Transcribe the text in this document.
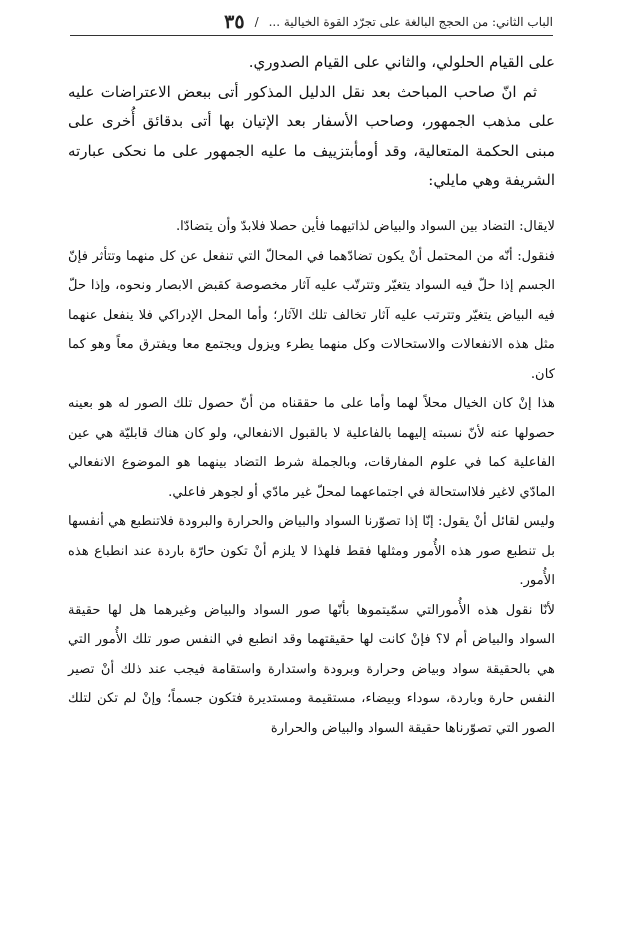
الباب الثاني: من الحجج البالغة على تجرّد القوة الخيالية ...
/
٣٥

على القيام الحلولي، والثاني على القيام الصدوري.

ثم انّ صاحب المباحث بعد نقل الدليل المذكور أتى ببعض الاعتراضات عليه على مذهب الجمهور، وصاحب الأسفار بعد الإتيان بها أتى بدقائق أُخرى على مبنى الحكمة المتعالية، وقد أومأبتزييف ما عليه الجمهور على ما نحكى عبارته الشريفة وهي مايلي:

لايقال: التضاد بين السواد والبياض لذاتيهما فأين حصلا فلابدّ وأن يتضادّا.

فنقول: أنّه من المحتمل أنْ يكون تضادّهما في المحالّ التي تنفعل عن كل منهما وتتأثر فإنّ الجسم إذا حلّ فيه السواد يتغيّر وتترتّب عليه آثار مخصوصة كقبض الابصار ونحوه، وإذا حلّ فيه البياض يتغيّر وتترتب عليه آثار تخالف تلك الآثار؛ وأما المحل الإدراكي فلا ينفعل عنهما مثل هذه الانفعالات والاستحالات وكل منهما يطرء ويزول ويجتمع معا ويفترق معاً وهو كما كان.

هذا إنْ كان الخيال محلاً لهما وأما على ما حققناه من أنّ حصول تلك الصور له هو بعينه حصولها عنه لأنّ نسبته إليهما بالفاعلية لا بالقبول الانفعالي، ولو كان هناك قابليّة هي عين الفاعلية كما في علوم المفارقات، وبالجملة شرط التضاد بينهما هو الموضوع الانفعالي المادّي لاغير فلااستحالة في اجتماعهما لمحلّ غير مادّي أو لجوهر فاعلي.

وليس لقائل أنْ يقول: إنّا إذا تصوّرنا السواد والبياض والحرارة والبرودة فلاتنطبع هي أنفسها بل تنطبع صور هذه الأُمور ومثلها فقط فلهذا لا يلزم أنْ تكون حارّة باردة عند انطباع هذه الأُمور.

لأنّا نقول هذه الأُمورالتي سمّيتموها بأنّها صور السواد والبياض وغيرهما هل لها حقيقة السواد والبياض أم لا؟ فإنْ كانت لها حقيقتهما وقد انطبع في النفس صور تلك الأُمور التي هي بالحقيقة سواد وبياض وحرارة وبرودة واستدارة واستقامة فيجب عند ذلك أنْ تصير النفس حارة وباردة، سوداء وبيضاء، مستقيمة ومستديرة فتكون جسماً؛ وإنْ لم تكن لتلك الصور التي تصوّرناها حقيقة السواد والبياض والحرارة
